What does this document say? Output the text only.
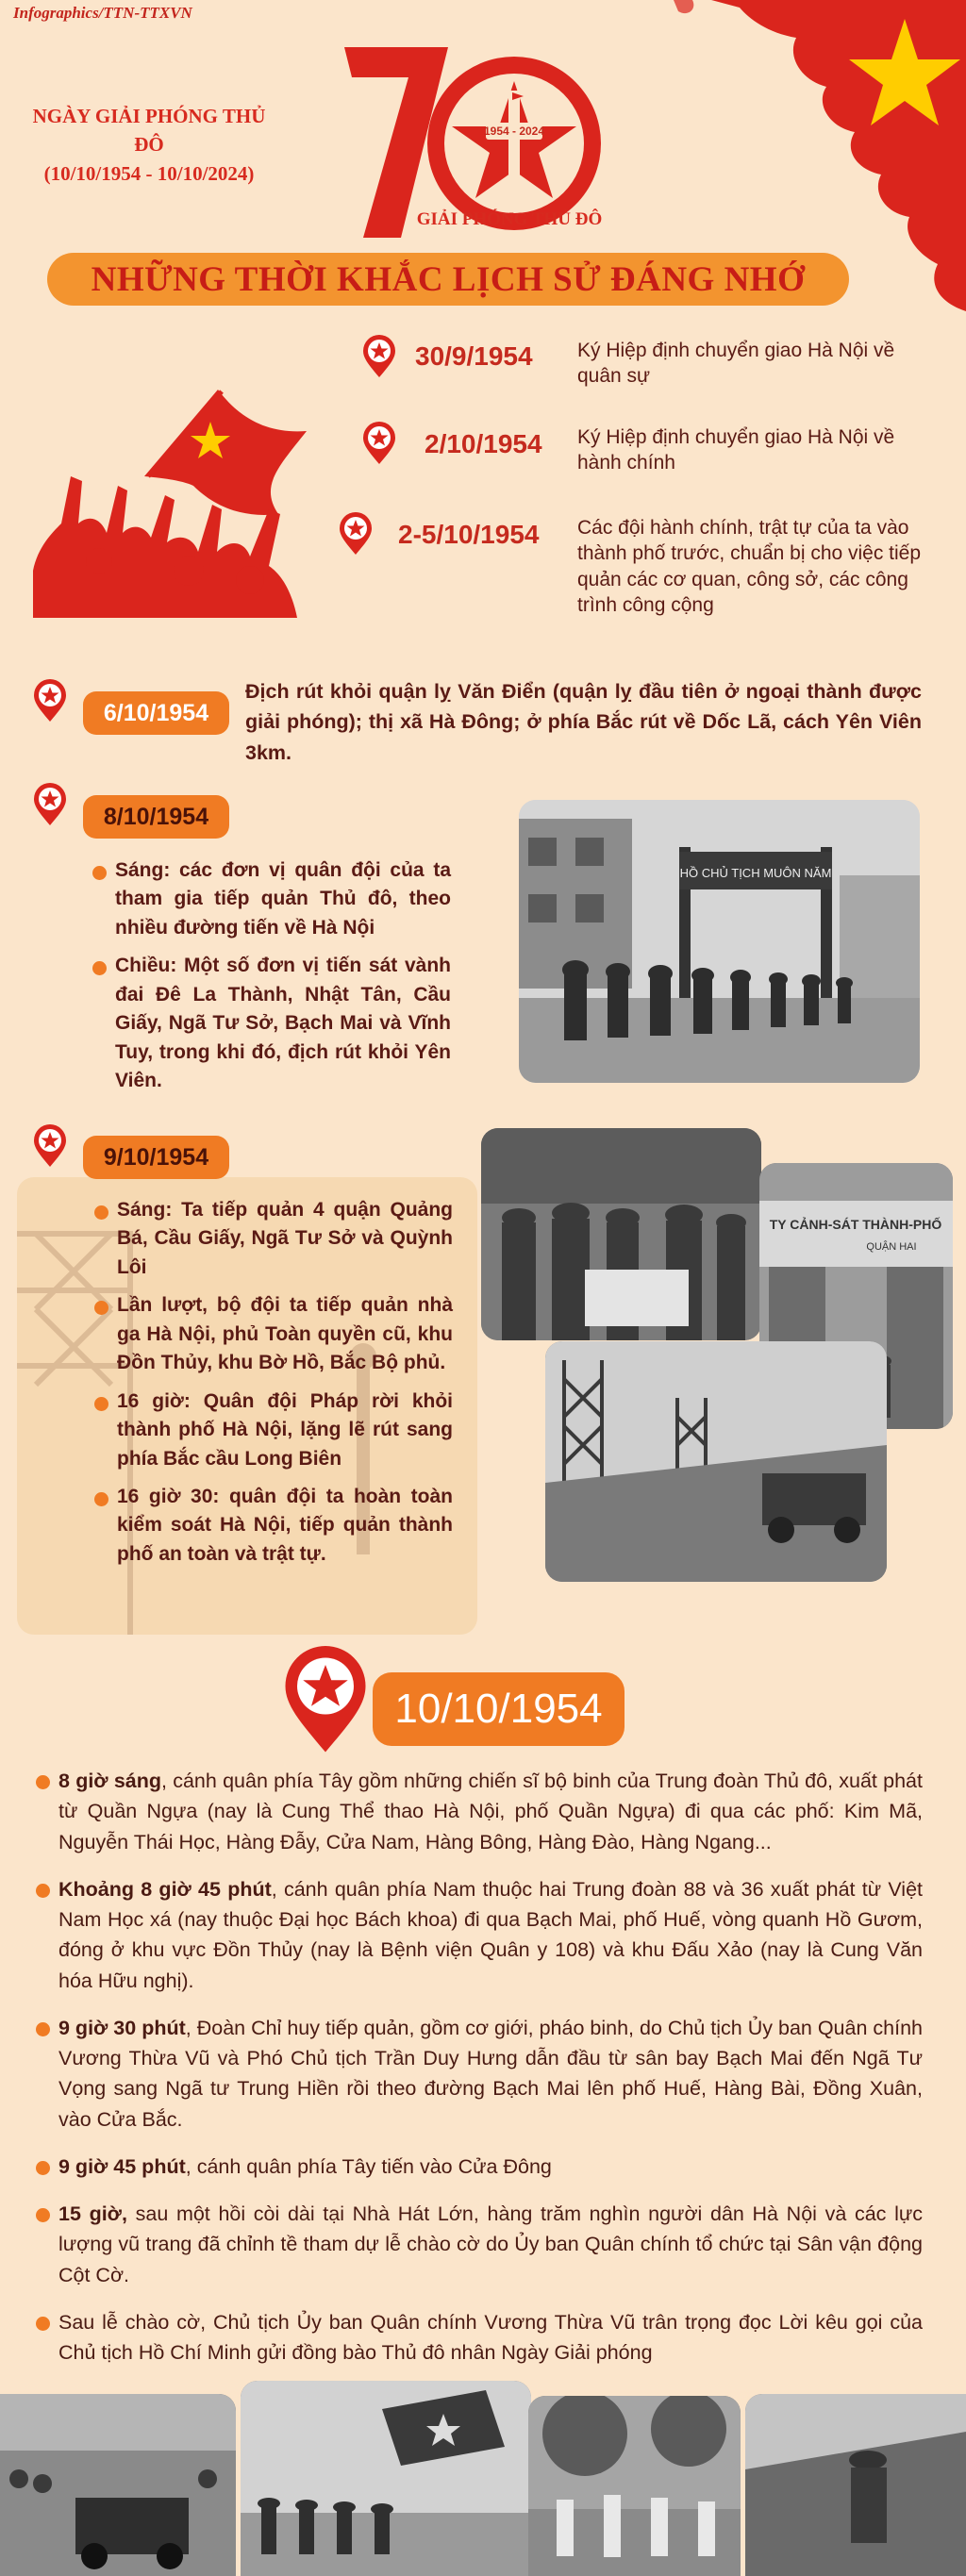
Infographics/TTN-TTXVN
NGÀY GIẢI PHÓNG THỦ ĐÔ
(10/10/1954 - 10/10/2024)
1954 - 2024
GIẢI PHÓNG THỦ ĐÔ
NHỮNG THỜI KHẮC LỊCH SỬ ĐÁNG NHỚ
30/9/1954 Ký Hiệp định chuyển giao Hà Nội về quân sự
2/10/1954 Ký Hiệp định chuyển giao Hà Nội về hành chính
2-5/10/1954 Các đội hành chính, trật tự của ta vào thành phố trước, chuẩn bị cho việc tiếp quản các cơ quan, công sở, các công trình công cộng
6/10/1954
Địch rút khỏi quận lỵ Văn Điển (quận lỵ đầu tiên ở ngoại thành được giải phóng); thị xã Hà Đông; ở phía Bắc rút về Dốc Lã, cách Yên Viên 3km.
8/10/1954
Sáng: các đơn vị quân đội của ta tham gia tiếp quản Thủ đô, theo nhiều đường tiến về Hà Nội
Chiều: Một số đơn vị tiến sát vành đai Đê La Thành, Nhật Tân, Cầu Giấy, Ngã Tư Sở, Bạch Mai và Vĩnh Tuy, trong khi đó, địch rút khỏi Yên Viên.
HỒ CHỦ TỊCH MUÔN NĂM
9/10/1954
Sáng: Ta tiếp quản 4 quận Quảng Bá, Cầu Giấy, Ngã Tư Sở và Quỳnh Lôi
Lần lượt, bộ đội ta tiếp quản nhà ga Hà Nội, phủ Toàn quyền cũ, khu Đồn Thủy, khu Bờ Hồ, Bắc Bộ phủ.
16 giờ: Quân đội Pháp rời khỏi thành phố Hà Nội, lặng lẽ rút sang phía Bắc cầu Long Biên
16 giờ 30: quân đội ta hoàn toàn kiểm soát Hà Nội, tiếp quản thành phố an toàn và trật tự.
TY CẢNH-SÁT THÀNH-PHỐ
QUẬN HAI
10/10/1954
8 giờ sáng, cánh quân phía Tây gồm những chiến sĩ bộ binh của Trung đoàn Thủ đô, xuất phát từ Quần Ngựa (nay là Cung Thể thao Hà Nội, phố Quần Ngựa) đi qua các phố: Kim Mã, Nguyễn Thái Học, Hàng Đẫy, Cửa Nam, Hàng Bông, Hàng Đào, Hàng Ngang...
Khoảng 8 giờ 45 phút, cánh quân phía Nam thuộc hai Trung đoàn 88 và 36 xuất phát từ Việt Nam Học xá (nay thuộc Đại học Bách khoa) đi qua Bạch Mai, phố Huế, vòng quanh Hồ Gươm, đóng ở khu vực Đồn Thủy (nay là Bệnh viện Quân y 108) và khu Đấu Xảo (nay là Cung Văn hóa Hữu nghị).
9 giờ 30 phút, Đoàn Chỉ huy tiếp quản, gồm cơ giới, pháo binh, do Chủ tịch Ủy ban Quân chính Vương Thừa Vũ và Phó Chủ tịch Trần Duy Hưng dẫn đầu từ sân bay Bạch Mai đến Ngã Tư Vọng sang Ngã tư Trung Hiền rồi theo đường Bạch Mai lên phố Huế, Hàng Bài, Đồng Xuân, vào Cửa Bắc.
9 giờ 45 phút, cánh quân phía Tây tiến vào Cửa Đông
15 giờ, sau một hồi còi dài tại Nhà Hát Lớn, hàng trăm nghìn người dân Hà Nội và các lực lượng vũ trang đã chỉnh tề tham dự lễ chào cờ do Ủy ban Quân chính tổ chức tại Sân vận động Cột Cờ.
Sau lễ chào cờ, Chủ tịch Ủy ban Quân chính Vương Thừa Vũ trân trọng đọc Lời kêu gọi của Chủ tịch Hồ Chí Minh gửi đồng bào Thủ đô nhân Ngày Giải phóng
